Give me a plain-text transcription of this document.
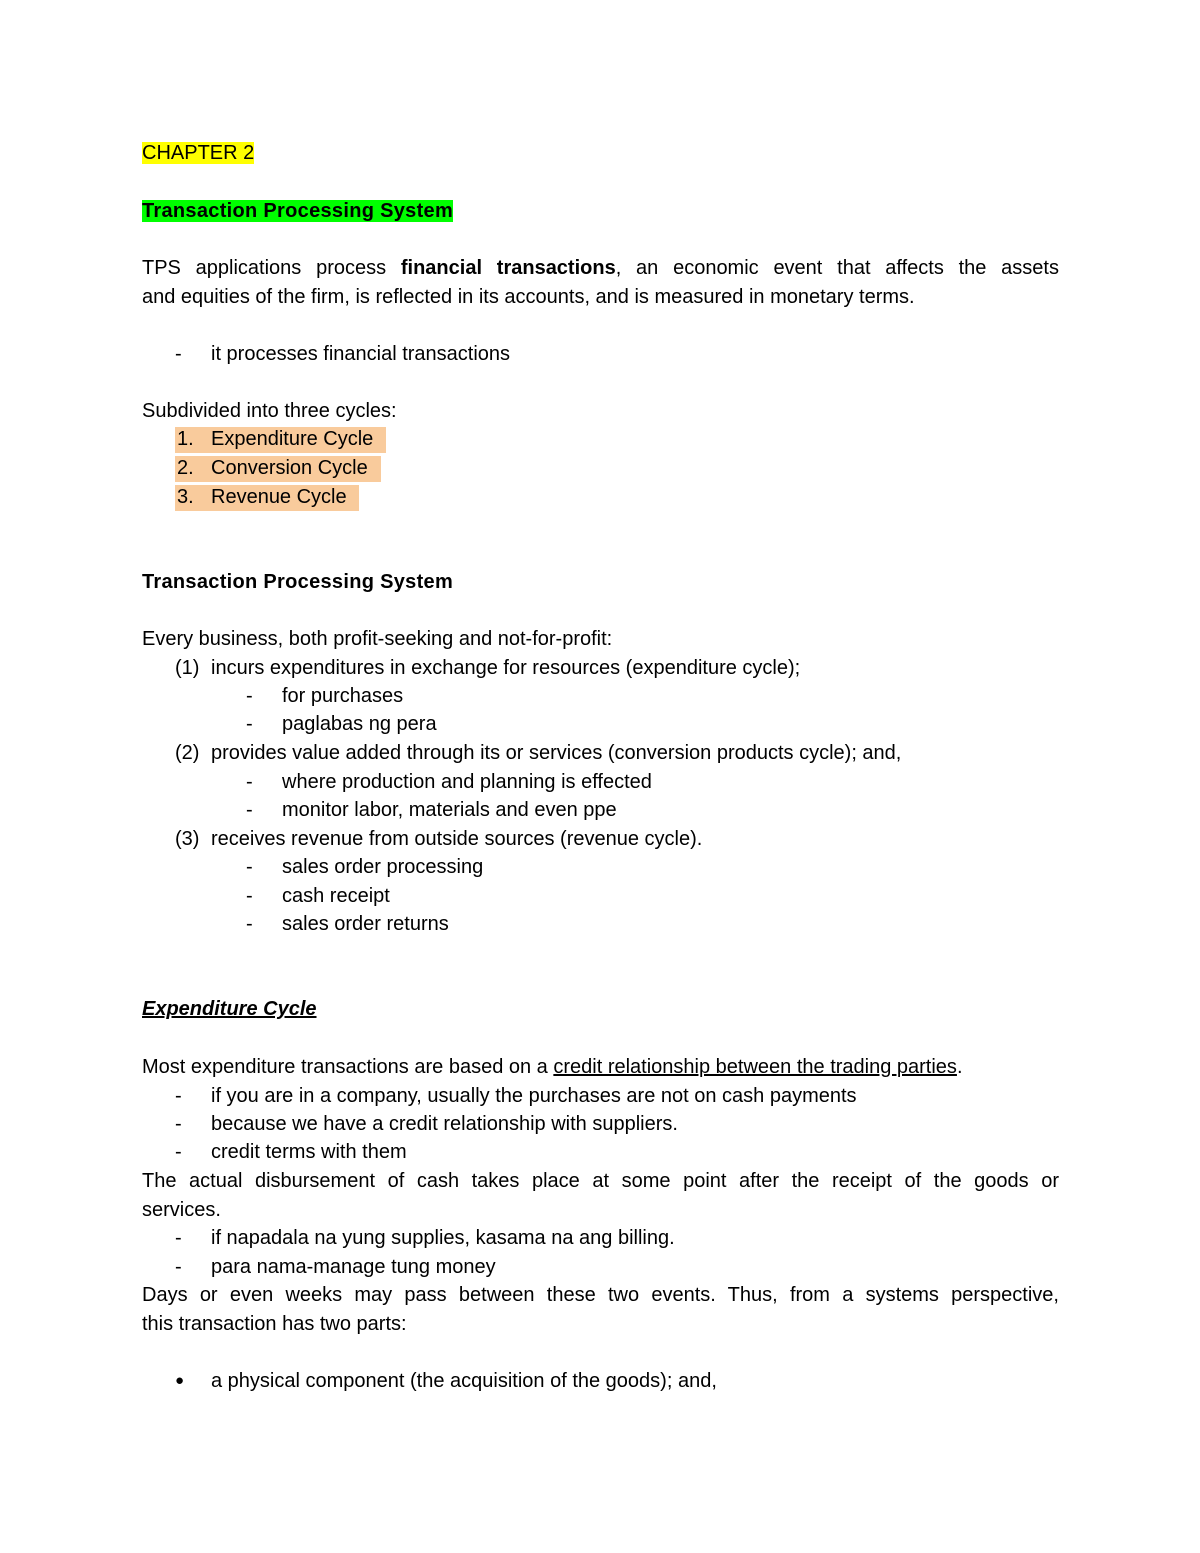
CHAPTER 2
Transaction Processing System
TPS applications process financial transactions, an economic event that affects the assets
and equities of the firm, is reflected in its accounts, and is measured in monetary terms.
- it processes financial transactions
Subdivided into three cycles:
1. Expenditure Cycle
2. Conversion Cycle
3. Revenue Cycle
Transaction Processing System
Every business, both profit-seeking and not-for-profit:
(1) incurs expenditures in exchange for resources (expenditure cycle);
- for purchases
- paglabas ng pera
(2) provides value added through its or services (conversion products cycle); and,
- where production and planning is effected
- monitor labor, materials and even ppe
(3) receives revenue from outside sources (revenue cycle).
- sales order processing
- cash receipt
- sales order returns
Expenditure Cycle
Most expenditure transactions are based on a credit relationship between the trading parties.
- if you are in a company, usually the purchases are not on cash payments
- because we have a credit relationship with suppliers.
- credit terms with them
The actual disbursement of cash takes place at some point after the receipt of the goods or
services.
- if napadala na yung supplies, kasama na ang billing.
- para nama-manage tung money
Days or even weeks may pass between these two events. Thus, from a systems perspective,
this transaction has two parts:
● a physical component (the acquisition of the goods); and,
